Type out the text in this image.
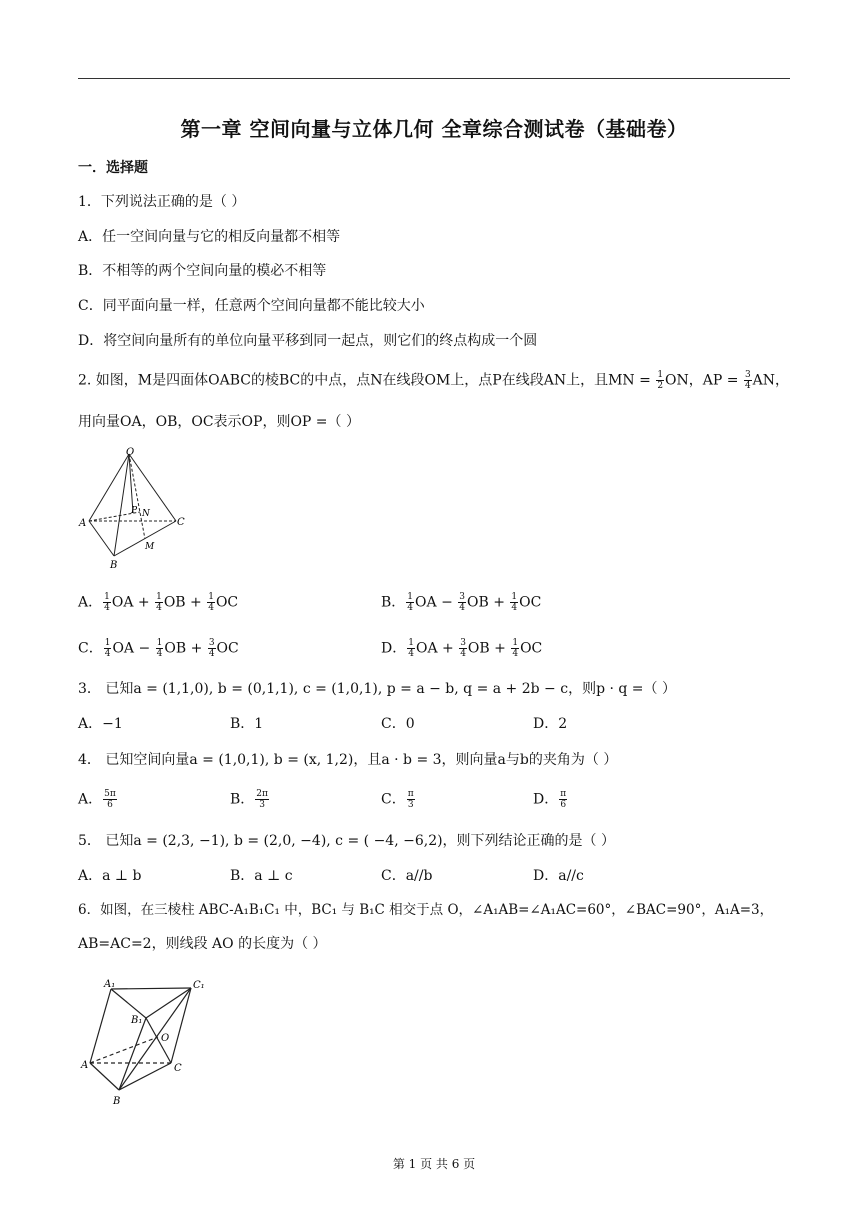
第一章 空间向量与立体几何 全章综合测试卷（基础卷）
一．选择题
1．下列说法正确的是（ ）
A．任一空间向量与它的相反向量都不相等
B．不相等的两个空间向量的模必不相等
C．同平面向量一样，任意两个空间向量都不能比较大小
D．将空间向量所有的单位向量平移到同一起点，则它们的终点构成一个圆
2. 如图，M是四面体OABC的棱BC的中点，点N在线段OM上，点P在线段AN上，且MN = $\frac{1}{2}$ ON，AP = $\frac{3}{4}$ AN，
用向量OA，OB，OC表示OP，则OP =（ ）
O
A
B
C
P N
M
A． $\frac{1}{4}$ OA + $\frac{1}{4}$ OB + $\frac{1}{4}$ OC	B． $\frac{1}{4}$ OA − $\frac{3}{4}$ OB + $\frac{1}{4}$ OC
C． $\frac{1}{4}$ OA − $\frac{1}{4}$ OB + $\frac{3}{4}$ OC	D． $\frac{1}{4}$ OA + $\frac{3}{4}$ OB + $\frac{1}{4}$ OC
3． 已知a = (1,1,0), b = (0,1,1), c = (1,0,1), p = a − b, q = a + 2b − c，则p · q =（ ）
A．−1	B．1	C．0	D．2
4． 已知空间向量a = (1,0,1), b = (x, 1,2)，且a · b = 3，则向量a与b的夹角为（ ）
A． $\frac{5\pi}{6}$	B． $\frac{2\pi}{3}$	C． $\frac{\pi}{3}$	D． $\frac{\pi}{6}$
5． 已知a = (2,3, −1), b = (2,0, −4), c = ( −4, −6,2)，则下列结论正确的是（ ）
A．a ⊥ b	B．a ⊥ c	C．a//b	D．a//c
6．如图，在三棱柱 ABC-A₁B₁C₁ 中，BC₁ 与 B₁C 相交于点 O，∠A₁AB=∠A₁AC=60°，∠BAC=90°，A₁A=3，
AB=AC=2，则线段 AO 的长度为（ ）
A₁	C₁
B₁
O
A
B
C
第 1 页 共 6 页
